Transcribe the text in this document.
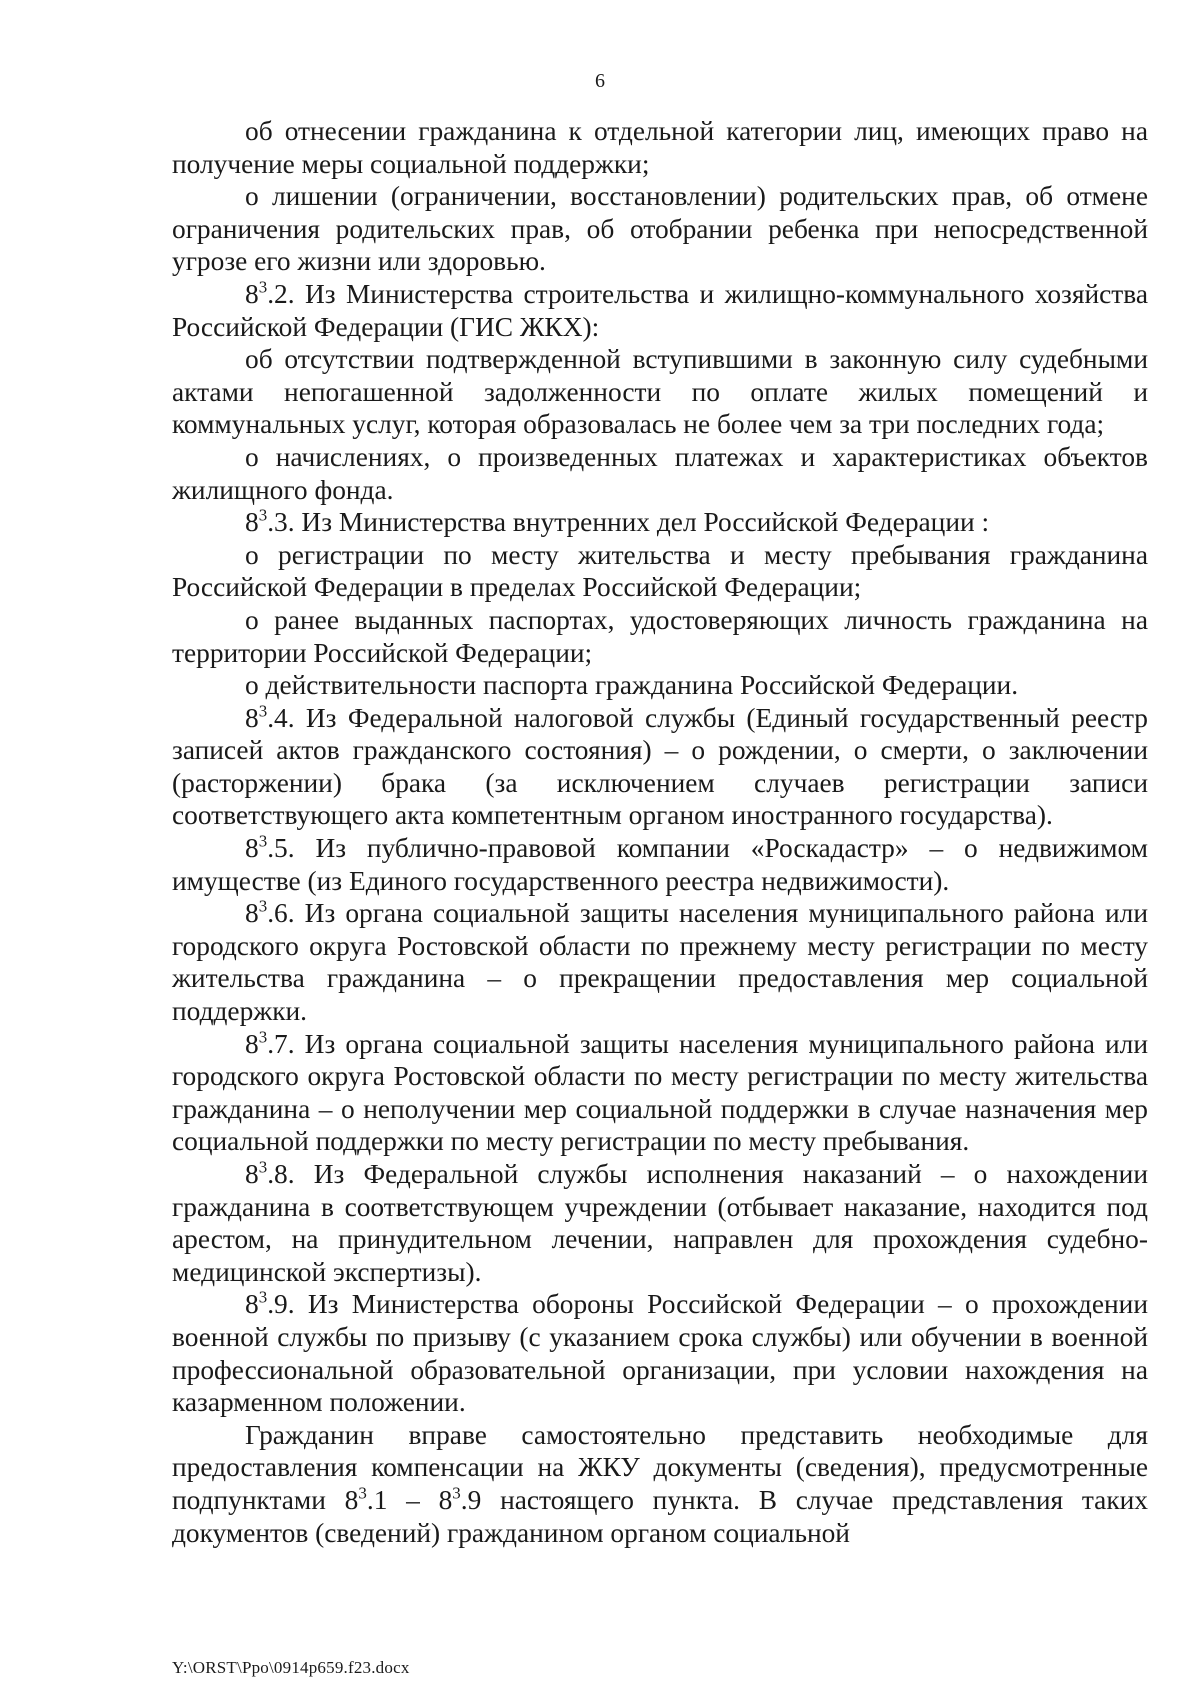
6

об отнесении гражданина к отдельной категории лиц, имеющих право на получение меры социальной поддержки;

о лишении (ограничении, восстановлении) родительских прав, об отмене ограничения родительских прав, об отобрании ребенка при непосредственной угрозе его жизни или здоровью.

$8^3.2$. Из Министерства строительства и жилищно-коммунального хозяйства Российской Федерации (ГИС ЖКХ):

об отсутствии подтвержденной вступившими в законную силу судебными актами непогашенной задолженности по оплате жилых помещений и коммунальных услуг, которая образовалась не более чем за три последних года;

о начислениях, о произведенных платежах и характеристиках объектов жилищного фонда.

$8^3.3$. Из Министерства внутренних дел Российской Федерации :

о регистрации по месту жительства и месту пребывания гражданина Российской Федерации в пределах Российской Федерации;

о ранее выданных паспортах, удостоверяющих личность гражданина на территории Российской Федерации;

о действительности паспорта гражданина Российской Федерации.

$8^3.4$. Из Федеральной налоговой службы (Единый государственный реестр записей актов гражданского состояния) – о рождении, о смерти, о заключении (расторжении) брака (за исключением случаев регистрации записи соответствующего акта компетентным органом иностранного государства).

$8^3.5$. Из публично-правовой компании «Роскадастр» – о недвижимом имуществе (из Единого государственного реестра недвижимости).

$8^3.6$. Из органа социальной защиты населения муниципального района или городского округа Ростовской области по прежнему месту регистрации по месту жительства гражданина – о прекращении предоставления мер социальной поддержки.

$8^3.7$. Из органа социальной защиты населения муниципального района или городского округа Ростовской области по месту регистрации по месту жительства гражданина – о неполучении мер социальной поддержки в случае назначения мер социальной поддержки по месту регистрации по месту пребывания.

$8^3.8$. Из Федеральной службы исполнения наказаний – о нахождении гражданина в соответствующем учреждении (отбывает наказание, находится под арестом, на принудительном лечении, направлен для прохождения судебно-медицинской экспертизы).

$8^3.9$. Из Министерства обороны Российской Федерации – о прохождении военной службы по призыву (с указанием срока службы) или обучении в военной профессиональной образовательной организации, при условии нахождения на казарменном положении.

Гражданин вправе самостоятельно представить необходимые для предоставления компенсации на ЖКУ документы (сведения), предусмотренные подпунктами $8^3.1 - 8^3.9$ настоящего пункта. В случае представления таких документов (сведений) гражданином органом социальной

Y:\ORST\Ppo\0914p659.f23.docx
